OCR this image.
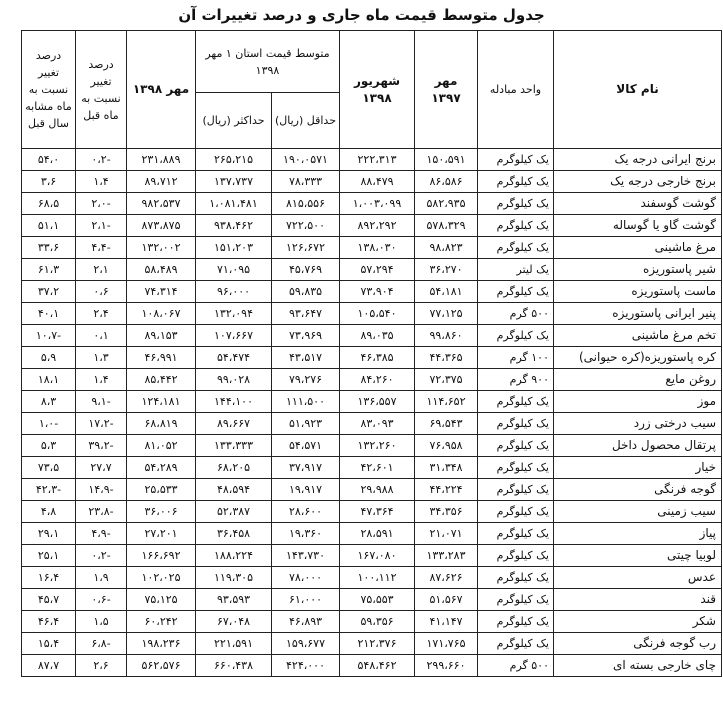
جدول متوسط قیمت ماه جاری و درصد تغییرات آن
نام کالا	واحد مبادله	مهر ۱۳۹۷	شهریور ۱۳۹۸	متوسط قیمت استان ۱ مهر ۱۳۹۸		مهر ۱۳۹۸	درصد تغییر نسبت به ماه قبل	درصد تغییر نسبت به ماه مشابه سال قبل
				حداقل (ریال)	حداکثر (ریال)			
برنج ایرانی درجه یک	یک کیلوگرم	۱۵۰،۵۹۱	۲۲۲،۳۱۳	۱۹۰،۰۵۷۱	۲۶۵،۲۱۵	۲۳۱،۸۸۹	-۰،۲	۵۴،۰
برنج خارجی درجه یک	یک کیلوگرم	۸۶،۵۸۶	۸۸،۴۷۹	۷۸،۳۳۳	۱۳۷،۷۳۷	۸۹،۷۱۲	۱،۴	۳،۶
گوشت گوسفند	یک کیلوگرم	۵۸۲،۹۳۵	۱،۰۰۳،۰۹۹	۸۱۵،۵۵۶	۱،۰۸۱،۴۸۱	۹۸۲،۵۳۷	-۲،۰	۶۸،۵
گوشت گاو یا گوساله	یک کیلوگرم	۵۷۸،۳۲۹	۸۹۲،۲۹۲	۷۲۲،۵۰۰	۹۳۸،۴۶۲	۸۷۳،۸۷۵	-۲،۱	۵۱،۱
مرغ ماشینی	یک کیلوگرم	۹۸،۸۲۳	۱۳۸،۰۳۰	۱۲۶،۶۷۲	۱۵۱،۲۰۳	۱۳۲،۰۰۲	-۴،۴	۳۳،۶
شیر پاستوریزه	یک لیتر	۳۶،۲۷۰	۵۷،۲۹۴	۴۵،۷۶۹	۷۱،۰۹۵	۵۸،۴۸۹	۲،۱	۶۱،۳
ماست پاستوریزه	یک کیلوگرم	۵۴،۱۸۱	۷۳،۹۰۴	۵۹،۸۳۵	۹۶،۰۰۰	۷۴،۳۱۴	۰،۶	۳۷،۲
پنیر ایرانی پاستوریزه	۵۰۰ گرم	۷۷،۱۲۵	۱۰۵،۵۴۰	۹۳،۶۴۷	۱۳۲،۰۹۴	۱۰۸،۰۶۷	۲،۴	۴۰،۱
تخم مرغ ماشینی	یک کیلوگرم	۹۹،۸۶۰	۸۹،۰۳۵	۷۳،۹۶۹	۱۰۷،۶۶۷	۸۹،۱۵۳	۰،۱	-۱۰،۷
کره پاستوریزه(کره حیوانی)	۱۰۰ گرم	۴۴،۳۶۵	۴۶،۳۸۵	۴۳،۵۱۷	۵۴،۴۷۴	۴۶،۹۹۱	۱،۳	۵،۹
روغن مایع	۹۰۰ گرم	۷۲،۳۷۵	۸۴،۲۶۰	۷۹،۲۷۶	۹۹،۰۲۸	۸۵،۴۴۲	۱،۴	۱۸،۱
موز	یک کیلوگرم	۱۱۴،۶۵۲	۱۳۶،۵۵۷	۱۱۱،۵۰۰	۱۴۴،۱۰۰	۱۲۴،۱۸۱	-۹،۱	۸،۳
سیب درختی زرد	یک کیلوگرم	۶۹،۵۴۳	۸۳،۰۹۳	۵۱،۹۲۳	۸۹،۶۶۷	۶۸،۸۱۹	-۱۷،۲	-۱،۰
پرتقال محصول داخل	یک کیلوگرم	۷۶،۹۵۸	۱۳۲،۲۶۰	۵۴،۵۷۱	۱۳۳،۳۳۳	۸۱،۰۵۲	-۳۹،۲	۵،۳
خیار	یک کیلوگرم	۳۱،۳۴۸	۴۲،۶۰۱	۳۷،۹۱۷	۶۸،۲۰۵	۵۴،۲۸۹	۲۷،۷	۷۳،۵
گوجه فرنگی	یک کیلوگرم	۴۴،۲۲۴	۲۹،۹۸۸	۱۹،۹۱۷	۴۸،۵۹۴	۲۵،۵۳۳	-۱۴،۹	-۴۲،۳
سیب زمینی	یک کیلوگرم	۳۴،۳۵۶	۴۷،۳۶۴	۲۸،۶۰۰	۵۲،۳۸۷	۳۶،۰۰۶	-۲۳،۸	۴،۸
پیاز	یک کیلوگرم	۲۱،۰۷۱	۲۸،۵۹۱	۱۹،۳۶۰	۳۶،۴۵۸	۲۷،۲۰۱	-۴،۹	۲۹،۱
لوبیا چیتی	یک کیلوگرم	۱۳۳،۲۸۳	۱۶۷،۰۸۰	۱۴۳،۷۳۰	۱۸۸،۲۲۴	۱۶۶،۶۹۲	-۰،۲	۲۵،۱
عدس	یک کیلوگرم	۸۷،۶۲۶	۱۰۰،۱۱۲	۷۸،۰۰۰	۱۱۹،۳۰۵	۱۰۲،۰۲۵	۱،۹	۱۶،۴
قند	یک کیلوگرم	۵۱،۵۶۷	۷۵،۵۵۳	۶۱،۰۰۰	۹۳،۵۹۳	۷۵،۱۲۵	-۰،۶	۴۵،۷
شکر	یک کیلوگرم	۴۱،۱۴۷	۵۹،۳۵۶	۴۶،۸۹۳	۶۷،۰۴۸	۶۰،۲۴۲	۱،۵	۴۶،۴
رب گوجه فرنگی	یک کیلوگرم	۱۷۱،۷۶۵	۲۱۲،۳۷۶	۱۵۹،۶۷۷	۲۲۱،۵۹۱	۱۹۸،۲۳۶	-۶،۸	۱۵،۴
چای خارجی بسته ای	۵۰۰ گرم	۲۹۹،۶۶۰	۵۴۸،۴۶۲	۴۲۴،۰۰۰	۶۶۰،۴۳۸	۵۶۲،۵۷۶	۲،۶	۸۷،۷
